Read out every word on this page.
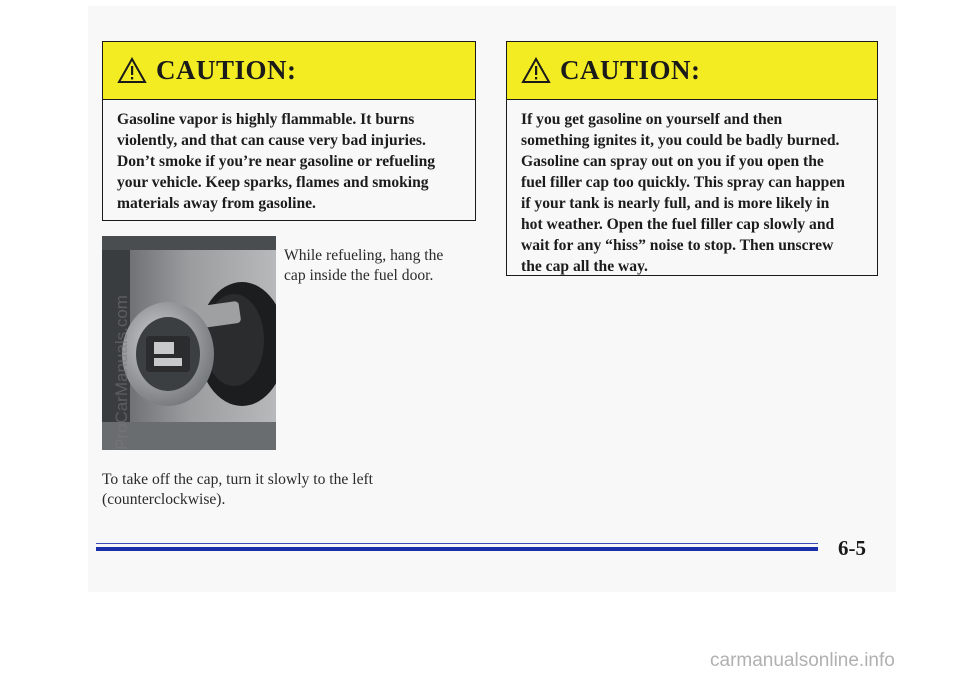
CAUTION:
Gasoline vapor is highly flammable. It burns
violently, and that can cause very bad injuries.
Don’t smoke if you’re near gasoline or refueling
your vehicle. Keep sparks, flames and smoking
materials away from gasoline.
CAUTION:
If you get gasoline on yourself and then
something ignites it, you could be badly burned.
Gasoline can spray out on you if you open the
fuel filler cap too quickly. This spray can happen
if your tank is nearly full, and is more likely in
hot weather. Open the fuel filler cap slowly and
wait for any “hiss” noise to stop. Then unscrew
the cap all the way.
While refueling, hang the
cap inside the fuel door.
To take off the cap, turn it slowly to the left
(counterclockwise).
6-5
ProCarManuals.com
carmanualsonline.info
